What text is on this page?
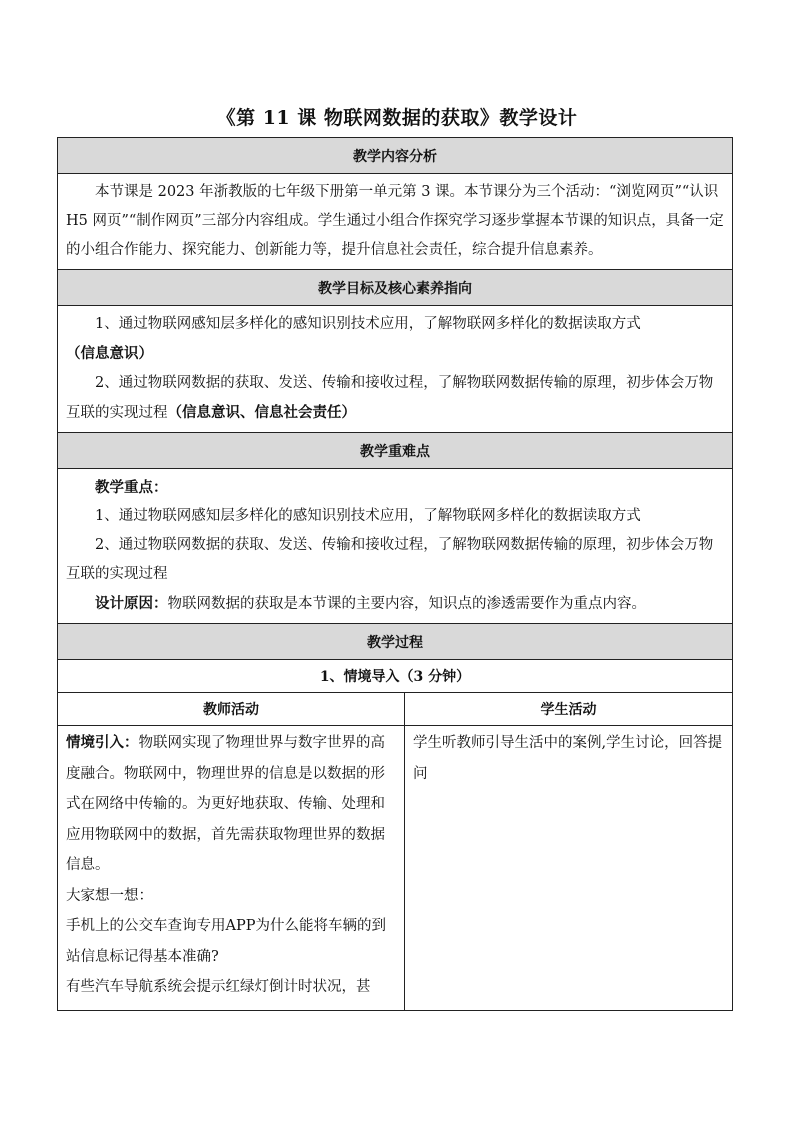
《第 11 课 物联网数据的获取》教学设计
教学内容分析	

本节课是 2023 年浙教版的七年级下册第一单元第 3 课。本节课分为三个活动：“浏览网页”“认识 H5 网页”“制作网页”三部分内容组成。学生通过小组合作探究学习逐步掌握本节课的知识点，具备一定的小组合作能力、探究能力、创新能力等，提升信息社会责任，综合提升信息素养。	

教学目标及核心素养指向	

1、通过物联网感知层多样化的感知识别技术应用，了解物联网多样化的数据读取方式（信息意识）

2、通过物联网数据的获取、发送、传输和接收过程，了解物联网数据传输的原理，初步体会万物互联的实现过程（信息意识、信息社会责任）	

教学重难点	

教学重点：

1、通过物联网感知层多样化的感知识别技术应用，了解物联网多样化的数据读取方式

2、通过物联网数据的获取、发送、传输和接收过程，了解物联网数据传输的原理，初步体会万物互联的实现过程

设计原因：物联网数据的获取是本节课的主要内容，知识点的渗透需要作为重点内容。	

教学过程	
1、情境导入（3 分钟）	
教师活动	学生活动

情境引入：物联网实现了物理世界与数字世界的高度融合。物联网中，物理世界的信息是以数据的形式在网络中传输的。为更好地获取、传输、处理和应用物联网中的数据，首先需获取物理世界的数据信息。

大家想一想：

手机上的公交车查询专用APP为什么能将车辆的到站信息标记得基本准确?

有些汽车导航系统会提示红绿灯倒计时状况，甚	学生听教师引导生活中的案例,学生讨论，回答提问
